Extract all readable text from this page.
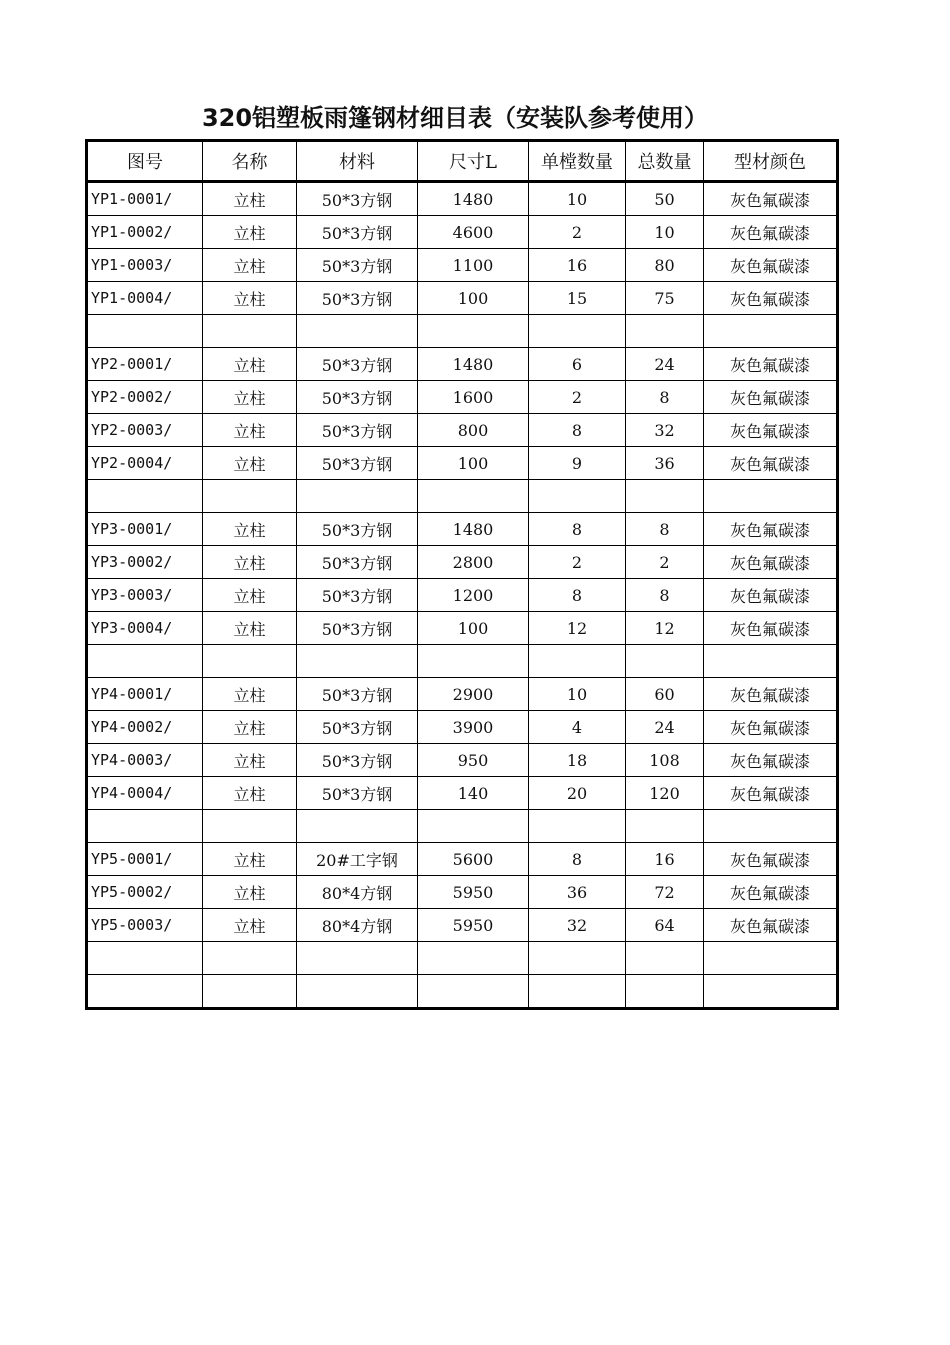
320铝塑板雨篷钢材细目表（安装队参考使用）
图号	名称	材料	尺寸L	单樘数量	总数量	型材颜色
YP1-0001/	立柱	50*3方钢	1480	10	50	灰色氟碳漆
YP1-0002/	立柱	50*3方钢	4600	2	10	灰色氟碳漆
YP1-0003/	立柱	50*3方钢	1100	16	80	灰色氟碳漆
YP1-0004/	立柱	50*3方钢	100	15	75	灰色氟碳漆

YP2-0001/	立柱	50*3方钢	1480	6	24	灰色氟碳漆
YP2-0002/	立柱	50*3方钢	1600	2	8	灰色氟碳漆
YP2-0003/	立柱	50*3方钢	800	8	32	灰色氟碳漆
YP2-0004/	立柱	50*3方钢	100	9	36	灰色氟碳漆

YP3-0001/	立柱	50*3方钢	1480	8	8	灰色氟碳漆
YP3-0002/	立柱	50*3方钢	2800	2	2	灰色氟碳漆
YP3-0003/	立柱	50*3方钢	1200	8	8	灰色氟碳漆
YP3-0004/	立柱	50*3方钢	100	12	12	灰色氟碳漆

YP4-0001/	立柱	50*3方钢	2900	10	60	灰色氟碳漆
YP4-0002/	立柱	50*3方钢	3900	4	24	灰色氟碳漆
YP4-0003/	立柱	50*3方钢	950	18	108	灰色氟碳漆
YP4-0004/	立柱	50*3方钢	140	20	120	灰色氟碳漆

YP5-0001/	立柱	20#工字钢	5600	8	16	灰色氟碳漆
YP5-0002/	立柱	80*4方钢	5950	36	72	灰色氟碳漆
YP5-0003/	立柱	80*4方钢	5950	32	64	灰色氟碳漆
